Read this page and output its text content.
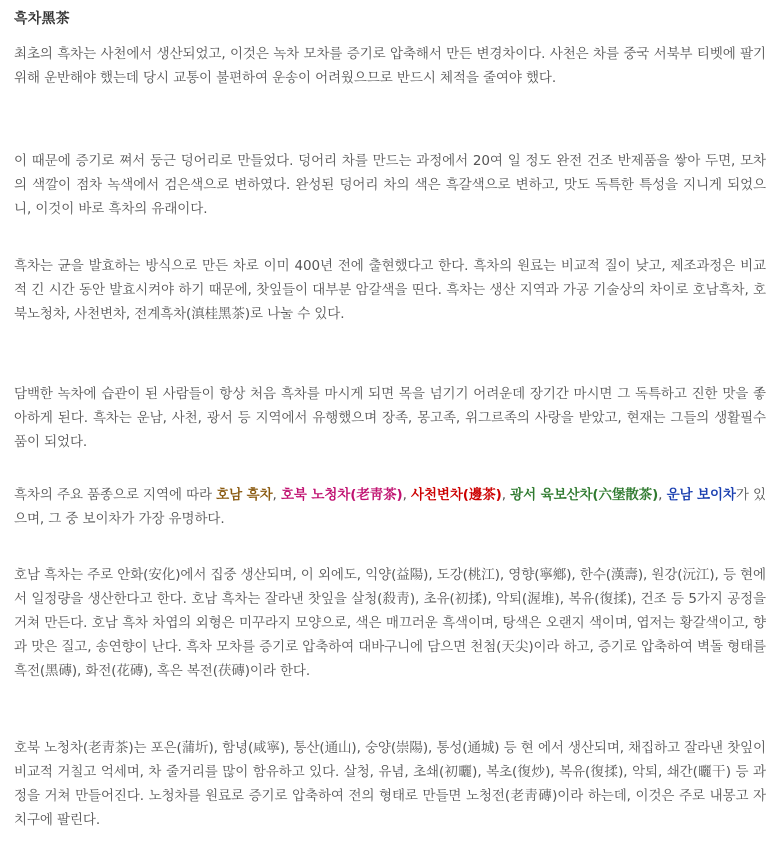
흑차黑茶

최초의 흑차는 사천에서 생산되었고, 이것은 녹차 모차를 증기로 압축해서 만든 변경차이다. 사천은 차를 중국 서북부 티벳에 팔기 위해 운반해야 했는데 당시 교통이 불편하여 운송이 어려웠으므로 반드시 체적을 줄여야 했다.

이 때문에 증기로 쪄서 둥근 덩어리로 만들었다. 덩어리 차를 만드는 과정에서 20여 일 정도 완전 건조 반제품을 쌓아 두면, 모차의 색깔이 점차 녹색에서 검은색으로 변하였다. 완성된 덩어리 차의 색은 흑갈색으로 변하고, 맛도 독특한 특성을 지니게 되었으니, 이것이 바로 흑차의 유래이다.

흑차는 균을 발효하는 방식으로 만든 차로 이미 400년 전에 출현했다고 한다. 흑차의 원료는 비교적 질이 낮고, 제조과정은 비교적 긴 시간 동안 발효시켜야 하기 때문에, 찻잎들이 대부분 암갈색을 띤다. 흑차는 생산 지역과 가공 기술상의 차이로 호남흑차, 호북노청차, 사천변차, 전계흑차(滇桂黑茶)로 나눌 수 있다.

담백한 녹차에 습관이 된 사람들이 항상 처음 흑차를 마시게 되면 목을 넘기기 어려운데 장기간 마시면 그 독특하고 진한 맛을 좋아하게 된다. 흑차는 운남, 사천, 광서 등 지역에서 유행했으며 장족, 몽고족, 위그르족의 사랑을 받았고, 현재는 그들의 생활필수품이 되었다.

흑차의 주요 품종으로 지역에 따라 호남 흑차, 호북 노청차(老靑茶), 사천변차(邊茶), 광서 육보산차(六堡散茶), 운남 보이차가 있으며, 그 중 보이차가 가장 유명하다.

호남 흑차는 주로 안화(安化)에서 집중 생산되며, 이 외에도, 익양(益陽), 도강(桃江), 영향(寧鄕), 한수(漢壽), 원강(沅江), 등 현에서 일정량을 생산한다고 한다. 호남 흑차는 잘라낸 찻잎을 살청(殺靑), 초유(初揉), 악퇴(渥堆), 복유(復揉), 건조 등 5가지 공정을 거쳐 만든다. 호남 흑차 차엽의 외형은 미꾸라지 모양으로, 색은 매끄러운 흑색이며, 탕색은 오랜지 색이며, 엽저는 황갈색이고, 향과 맛은 질고, 송연향이 난다. 흑차 모차를 증기로 압축하여 대바구니에 담으면 천첨(天尖)이라 하고, 증기로 압축하여 벽돌 형태를 흑전(黑磚), 화전(花磚), 혹은 복전(茯磚)이라 한다.

호북 노청차(老靑茶)는 포은(蒲圻), 함녕(咸寧), 통산(通山), 숭양(崇陽), 통성(通城) 등 현 에서 생산되며, 채집하고 잘라낸 찻잎이 비교적 거칠고 억세며, 차 줄거리를 많이 함유하고 있다. 살청, 유념, 초쇄(初曬), 복초(復炒), 복유(復揉), 악퇴, 쇄간(曬干) 등 과정을 거쳐 만들어진다. 노청차를 원료로 증기로 압축하여 전의 형태로 만들면 노청전(老靑磚)이라 하는데, 이것은 주로 내몽고 자치구에 팔린다.
